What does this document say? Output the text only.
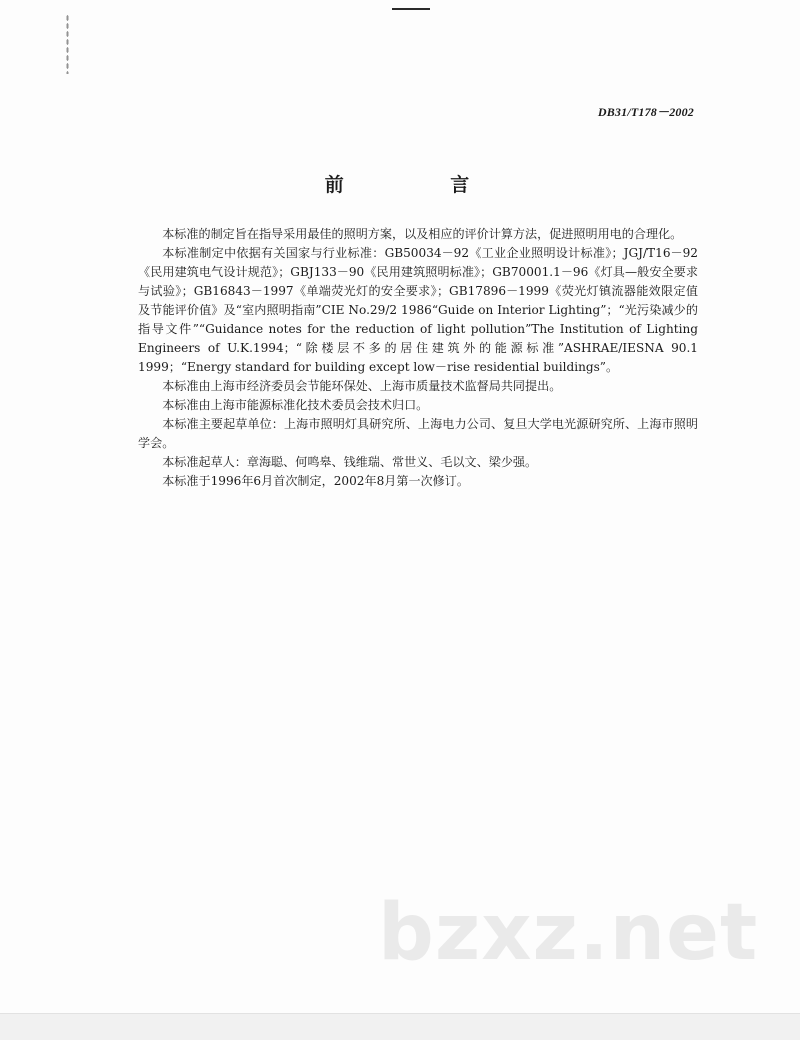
DB31/T178－2002
前 言

本标准的制定旨在指导采用最佳的照明方案，以及相应的评价计算方法，促进照明用电的合理化。

本标准制定中依据有关国家与行业标准：GB50034－92《工业企业照明设计标准》；JGJ/T16－92《民用建筑电气设计规范》；GBJ133－90《民用建筑照明标准》；GB70001.1－96《灯具—般安全要求与试验》；GB16843－1997《单端荧光灯的安全要求》；GB17896－1999《荧光灯镇流器能效限定值及节能评价值》及“室内照明指南”CIE No.29/2 1986“Guide on Interior Lighting”；“光污染减少的指导文件”“Guidance notes for the reduction of light pollution”The Institution of Lighting Engineers of U.K.1994；“除楼层不多的居住建筑外的能源标准”ASHRAE/IESNA 90.1 1999；“Energy standard for building except low－rise residential buildings”。

本标准由上海市经济委员会节能环保处、上海市质量技术监督局共同提出。

本标准由上海市能源标准化技术委员会技术归口。

本标准主要起草单位：上海市照明灯具研究所、上海电力公司、复旦大学电光源研究所、上海市照明学会。

本标准起草人：章海聪、何鸣皋、钱维瑞、常世义、毛以文、梁少强。

本标准于1996年6月首次制定，2002年8月第一次修订。

bzxz.net
